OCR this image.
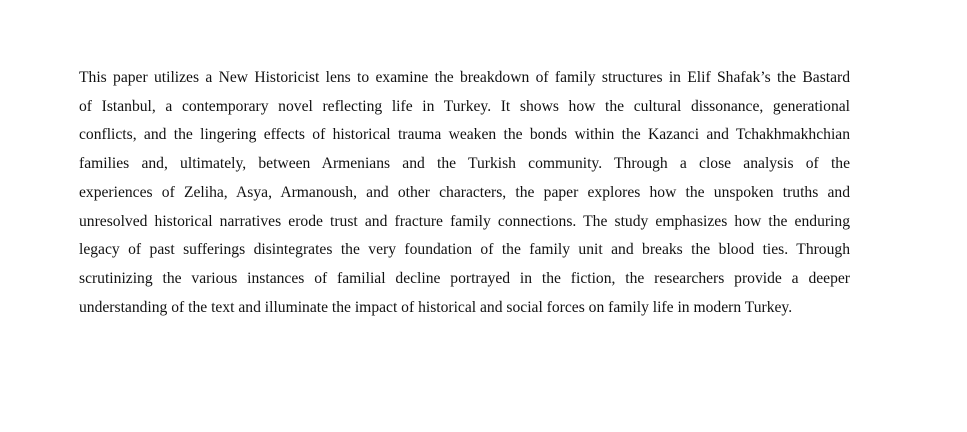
This paper utilizes a New Historicist lens to examine the breakdown of family structures in Elif Shafak’s the Bastard
of Istanbul, a contemporary novel reflecting life in Turkey. It shows how the cultural dissonance, generational
conflicts, and the lingering effects of historical trauma weaken the bonds within the Kazanci and Tchakhmakhchian
families and, ultimately, between Armenians and the Turkish community. Through a close analysis of the
experiences of Zeliha, Asya, Armanoush, and other characters, the paper explores how the unspoken truths and
unresolved historical narratives erode trust and fracture family connections. The study emphasizes how the enduring
legacy of past sufferings disintegrates the very foundation of the family unit and breaks the blood ties. Through
scrutinizing the various instances of familial decline portrayed in the fiction, the researchers provide a deeper
understanding of the text and illuminate the impact of historical and social forces on family life in modern Turkey.
